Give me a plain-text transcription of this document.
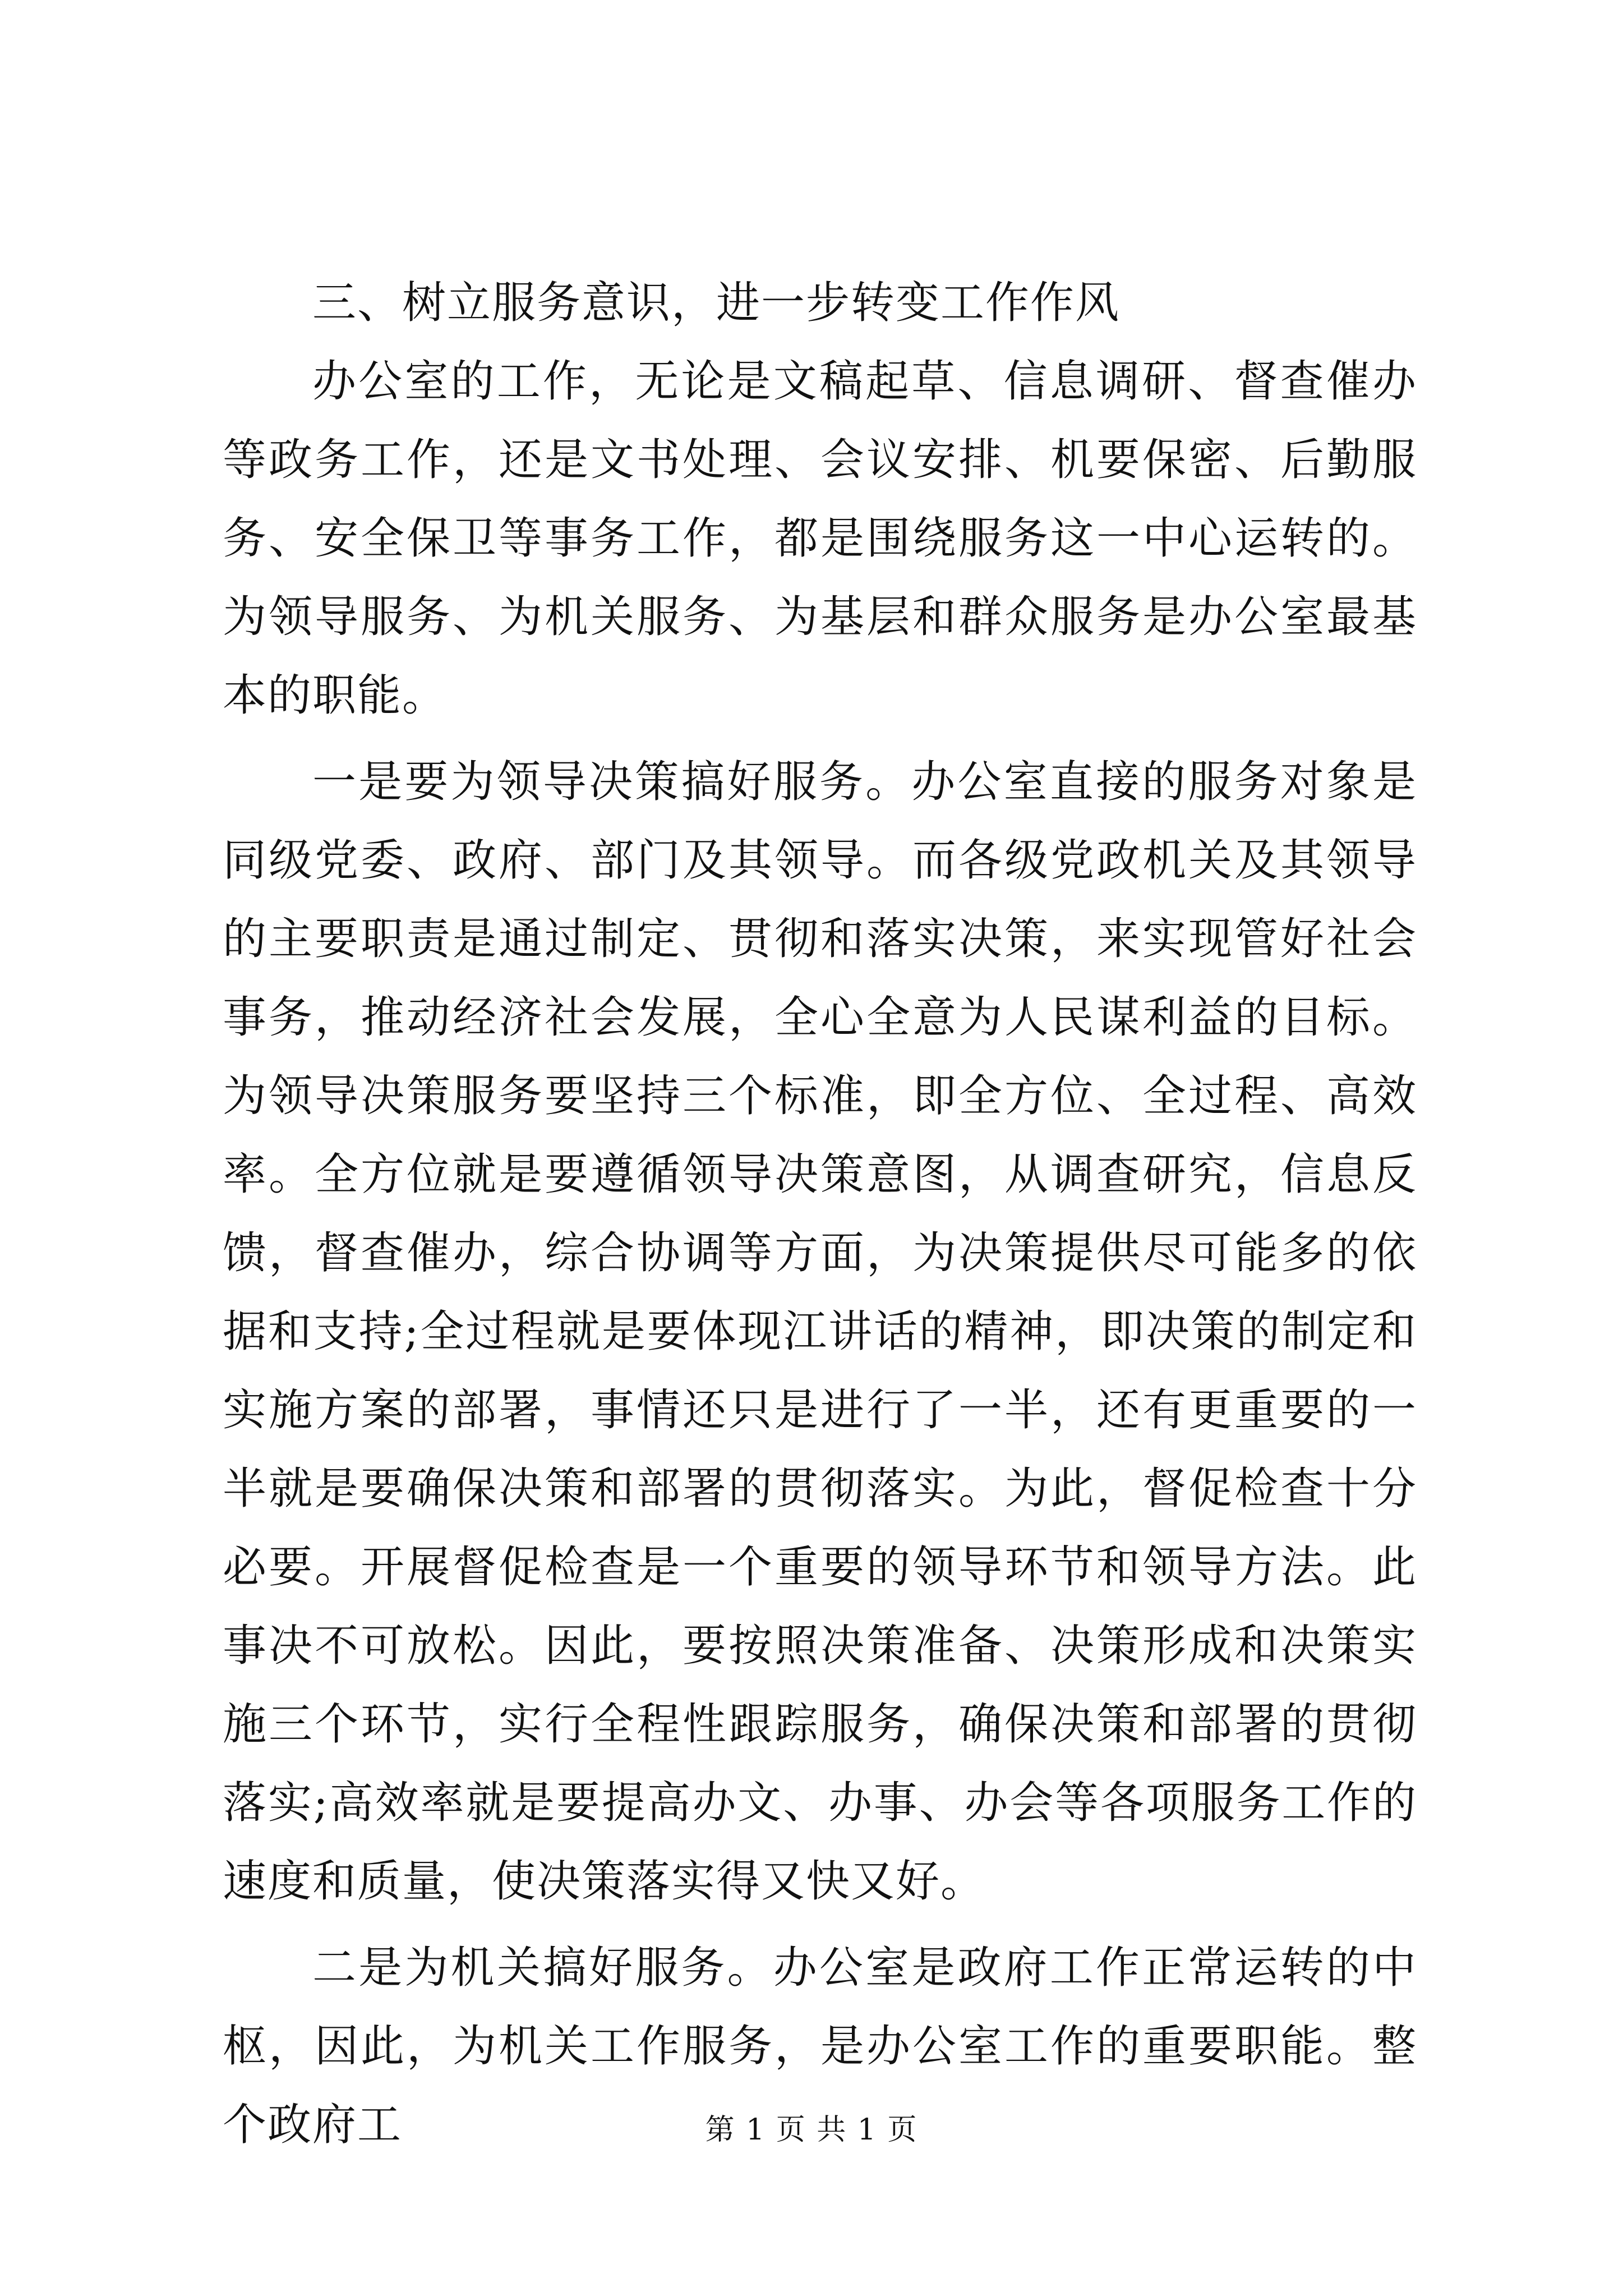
三、树立服务意识，进一步转变工作作风

办公室的工作，无论是文稿起草、信息调研、督查催办等政务工作，还是文书处理、会议安排、机要保密、后勤服务、安全保卫等事务工作，都是围绕服务这一中心运转的。为领导服务、为机关服务、为基层和群众服务是办公室最基本的职能。

一是要为领导决策搞好服务。办公室直接的服务对象是同级党委、政府、部门及其领导。而各级党政机关及其领导的主要职责是通过制定、贯彻和落实决策，来实现管好社会事务，推动经济社会发展，全心全意为人民谋利益的目标。为领导决策服务要坚持三个标准，即全方位、全过程、高效率。全方位就是要遵循领导决策意图，从调查研究，信息反馈，督查催办，综合协调等方面，为决策提供尽可能多的依据和支持;全过程就是要体现江讲话的精神，即决策的制定和实施方案的部署，事情还只是进行了一半，还有更重要的一半就是要确保决策和部署的贯彻落实。为此，督促检查十分必要。开展督促检查是一个重要的领导环节和领导方法。此事决不可放松。因此，要按照决策准备、决策形成和决策实施三个环节，实行全程性跟踪服务，确保决策和部署的贯彻落实;高效率就是要提高办文、办事、办会等各项服务工作的速度和质量，使决策落实得又快又好。

二是为机关搞好服务。办公室是政府工作正常运转的中枢，因此，为机关工作服务，是办公室工作的重要职能。整个政府工	第 1 页 共 1 页
